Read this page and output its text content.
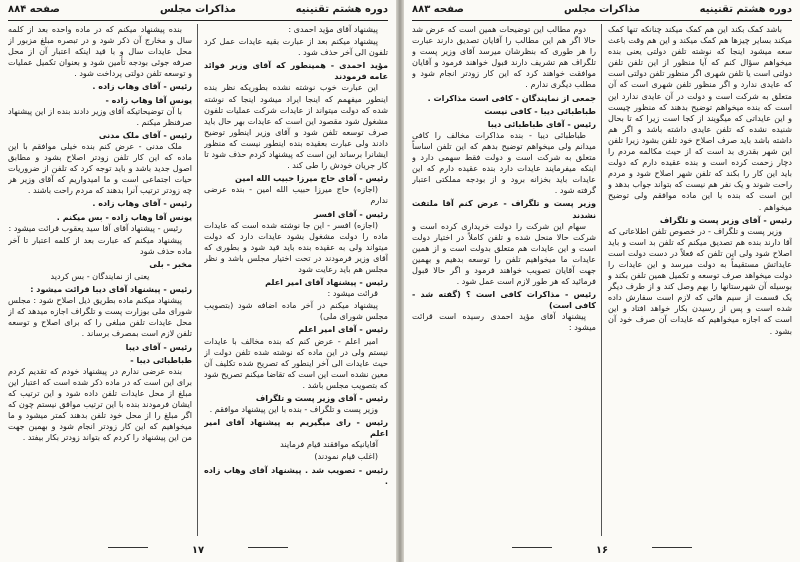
دوره هشتم تقنینیه
مذاکرات مجلس
صفحه ۸۸۴

پیشنهاد آقای مؤید احمدی :

پیشنهاد میکنم بعد از عبارت بقیه عایدات عمل کرد تلفون الی آخر حذف شود .

مؤید احمدی - همینطور که آقای وزیر فوائد عامه فرمودند

این عبارت خوب نوشته نشده بطوریکه نظر بنده اینطور میفهمم که اینجا ایراد میشود اینجا که نوشته شده که دولت میتواند از عایدات شرکت عملیات تلفون مشغول شود مقصود این است که عایدات بهر حال باید صرف توسعه تلفن شود و آقای وزیر اینطور توضیح دادند ولی عبارت بعقیده بنده اینطور نیست که منظور ایشانرا برساند این است که پیشنهاد کردم حذف شود تا کار جریان خودش را طی کند .

رئیس - آقای حاج میرزا حبیب الله امین

(اجازه) حاج میرزا حبیب الله امین - بنده عرضی ندارم

رئیس - آقای افسر

(اجازه) افسر - این جا نوشته شده است که عایدات ماده را دولت مشغول بشود عایدات دارد که دولت میتواند ولی به عقیده بنده باید قید شود و بطوری که آقای وزیر فرمودند در تحت اختیار مجلس باشد و نظر مجلس هم باید رعایت شود

رئیس - پیشنهاد آقای امیر اعلم

قرائت میشود :

پیشنهاد میکنم در آخر ماده اضافه شود (بتصویب مجلس شورای ملی)

رئیس - آقای امیر اعلم

امیر اعلم - عرض کنم که بنده مخالف با عایدات نیستم ولی در این ماده که نوشته شده تلفن دولت از حیث عایدات الی آخر اینطور که تصریح شده تکلیف آن معین نشده است این است که تقاضا میکنم تصریح شود که بتصویب مجلس باشد .

رئیس - آقای وزیر پست و تلگراف

وزیر پست و تلگراف - بنده با این پیشنهاد موافقم .

رئیس - رای میگیریم به پیشنهاد آقای امیر اعلم

آقایانیکه موافقند قیام فرمایند

(اغلب قیام نمودند)

رئیس - تصویب شد . پیشنهاد آقای وهاب زاده .

بنده پیشنهاد میکنم که در ماده واحده بعد از کلمه سال و مخارج آن ذکر شود و در تبصره مبلغ مزبور از محل عایدات سال و با قید اینکه اعتبار آن از محل صرفه جوئی بودجه تأمین شود و بعنوان تکمیل عملیات و توسعه تلفن دولتی پرداخت شود .

رئیس - آقای وهاب زاده .
یونس آقا وهاب زاده -

با آن توضیحاتیکه آقای وزیر دادند بنده از این پیشنهاد صرفنظر میکنم .

رئیس - آقای ملک مدنی

ملک مدنی - عرض کنم بنده خیلی موافقم با این ماده که این کار تلفن زودتر اصلاح بشود و مطابق اصول جدید باشد و باید توجه کرد که تلفن از ضروریات حیات اجتماعی است و ما امیدواریم که آقای وزیر هر چه زودتر ترتیب آنرا بدهند که مردم راحت باشند .

رئیس - آقای وهاب زاده .
یونس آقا وهاب زاده - بس میکنم .

رئیس - پیشنهاد آقای آقا سید یعقوب قرائت میشود :

پیشنهاد میکنم که عبارت بعد از کلمه اعتبار تا آخر ماده حذف شود

مخبر - بلی

یعنی از نمایندگان - بس کردید

رئیس - پیشنهاد آقای دیبا قرائت میشود :

پیشنهاد میکنم ماده بطریق ذیل اصلاح شود : مجلس شورای ملی بوزارت پست و تلگراف اجازه میدهد که از محل عایدات تلفن مبلغی را که برای اصلاح و توسعه تلفن لازم است بمصرف برساند .

رئیس - آقای دیبا
طباطبائی دیبا -

بنده عرضی ندارم در پیشنهاد خودم که تقدیم کردم برای این است که در ماده ذکر شده است که اعتبار این مبلغ از محل عایدات تلفن داده شود و این ترتیب که ایشان فرمودند بنده با این ترتیب موافق نیستم چون که اگر مبلغ را از محل خود تلفن بدهند کمتر میشود و ما میخواهیم که این کار زودتر انجام شود و بهمین جهت من این پیشنهاد را کردم که بتواند زودتر بکار بیفتد .

۱۷
دوره هشتم تقنینیه
مذاکرات مجلس
صفحه ۸۸۳

باشد کمک بکند این هم کمک میکند چنانکه تنها کمک میکند بسایر چیزها هم کمک میکند و این هم وقت باعث سعه میشود اینجا که نوشته تلفن دولتی یعنی بنده میخواهم سؤال کنم که آیا منظور از این تلفن تلفن دولتی است یا تلفن شهری اگر منظور تلفن دولتی است که عایدی ندارد و اگر منظور تلفن شهری است که آن متعلق به شرکت است و دولت در آن عایدی ندارد این است که بنده میخواهم توضیح بدهند که منظور چیست و این عایداتی که میگویند از کجا است زیرا که تا بحال شنیده نشده که تلفن عایدی داشته باشد و اگر هم داشته باشد باید صرف اصلاح خود تلفن بشود زیرا تلفن این شهر بقدری بد است که از حیث مکالمه مردم را دچار زحمت کرده است و بنده عقیده دارم که دولت باید این کار را بکند که تلفن شهر اصلاح شود و مردم راحت شوند و یک نفر هم نیست که بتواند جواب بدهد و این است که بنده با این ماده موافقم ولی توضیح میخواهم .

رئیس - آقای وزیر پست و تلگراف

وزیر پست و تلگراف - در خصوص تلفن اطلاعاتی که آقا دارند بنده هم تصدیق میکنم که تلفن بد است و باید اصلاح شود ولی این تلفن که فعلاً در دست دولت است عایداتش مستقیماً به دولت میرسد و این عایدات را دولت میخواهد صرف توسعه و تکمیل همین تلفن بکند و بوسیله آن شهرستانها را بهم وصل کند و از طرف دیگر یک قسمت از سیم هائی که لازم است سفارش داده شده است و پس از رسیدن بکار خواهد افتاد و این است که اجازه میخواهیم که عایدات آن صرف خود آن بشود .

دوم مطالب این توضیحات همین است که عرض شد حالا اگر هم این مطالب را آقایان تصدیق دارند عبارت را هر طوری که بنظرشان میرسد آقای وزیر پست و تلگراف هم تشریف دارند قبول خواهند فرمود و آقایان موافقت خواهند کرد که این کار زودتر انجام شود و مطلب دیگری ندارم .

جمعی از نمایندگان - کافی است مذاکرات .
طباطبائی دیبا - کافی نیست
رئیس - آقای طباطبائی دیبا

طباطبائی دیبا - بنده مذاکرات مخالف را کافی میدانم ولی میخواهم توضیح بدهم که این تلفن اساساً متعلق به شرکت است و دولت فقط سهمی دارد و اینکه میفرمایند عایدات دارد بنده عقیده دارم که این عایدات باید بخزانه برود و از بودجه مملکتی اعتبار گرفته شود .

وزیر پست و تلگراف - عرض کنم آقا ملتفت نشدند

سهام این شرکت را دولت خریداری کرده است و شرکت حالا منحل شده و تلفن کاملاً در اختیار دولت است و این عایدات هم متعلق بدولت است و از همین عایدات ما میخواهیم تلفن را توسعه بدهیم و بهمین جهت آقایان تصویب خواهند فرمود و اگر حالا قبول فرمائید که هر طور لازم است عمل شود .

رئیس - مذاکرات کافی است ؟ (گفته شد - کافی است)

پیشنهاد آقای مؤید احمدی رسیده است قرائت میشود :

۱۶
